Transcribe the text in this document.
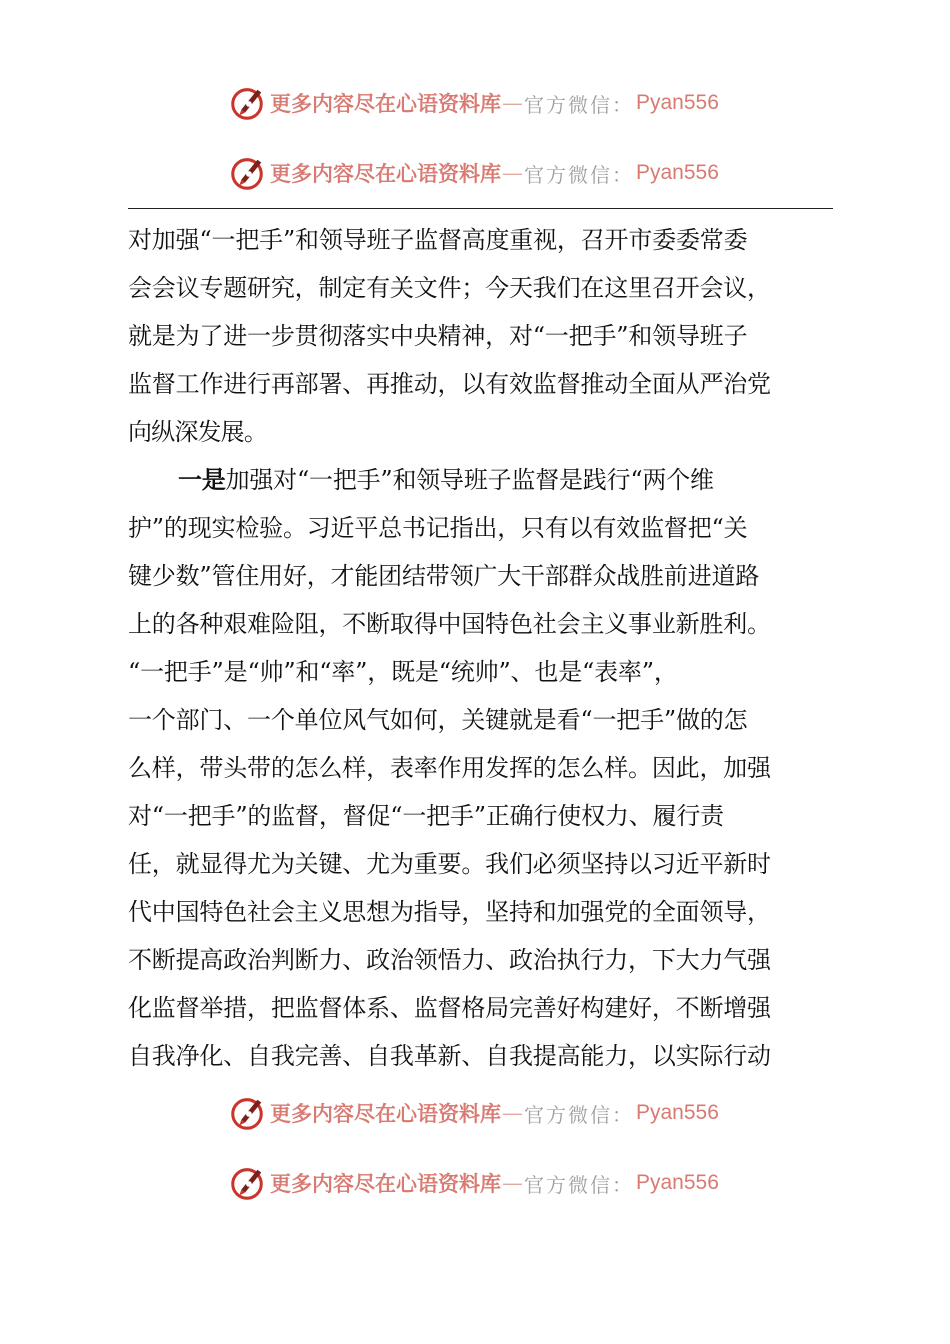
更多内容尽在心语资料库 — 官方微信： Pyan556
更多内容尽在心语资料库 — 官方微信： Pyan556
对加强“一把手”和领导班子监督高度重视，召开市委委常委
会会议专题研究，制定有关文件；今天我们在这里召开会议，
就是为了进一步贯彻落实中央精神，对“一把手”和领导班子
监督工作进行再部署、再推动，以有效监督推动全面从严治党
向纵深发展。
一是加强对“一把手”和领导班子监督是践行“两个维
护”的现实检验。习近平总书记指出，只有以有效监督把“关
键少数”管住用好，才能团结带领广大干部群众战胜前进道路
上的各种艰难险阻，不断取得中国特色社会主义事业新胜利。
“一把手”是“帅”和“率”，既是“统帅”、也是“表率”，
一个部门、一个单位风气如何，关键就是看“一把手”做的怎
么样，带头带的怎么样，表率作用发挥的怎么样。因此，加强
对“一把手”的监督，督促“一把手”正确行使权力、履行责
任，就显得尤为关键、尤为重要。我们必须坚持以习近平新时
代中国特色社会主义思想为指导，坚持和加强党的全面领导，
不断提高政治判断力、政治领悟力、政治执行力，下大力气强
化监督举措，把监督体系、监督格局完善好构建好，不断增强
自我净化、自我完善、自我革新、自我提高能力，以实际行动
更多内容尽在心语资料库 — 官方微信： Pyan556
更多内容尽在心语资料库 — 官方微信： Pyan556
